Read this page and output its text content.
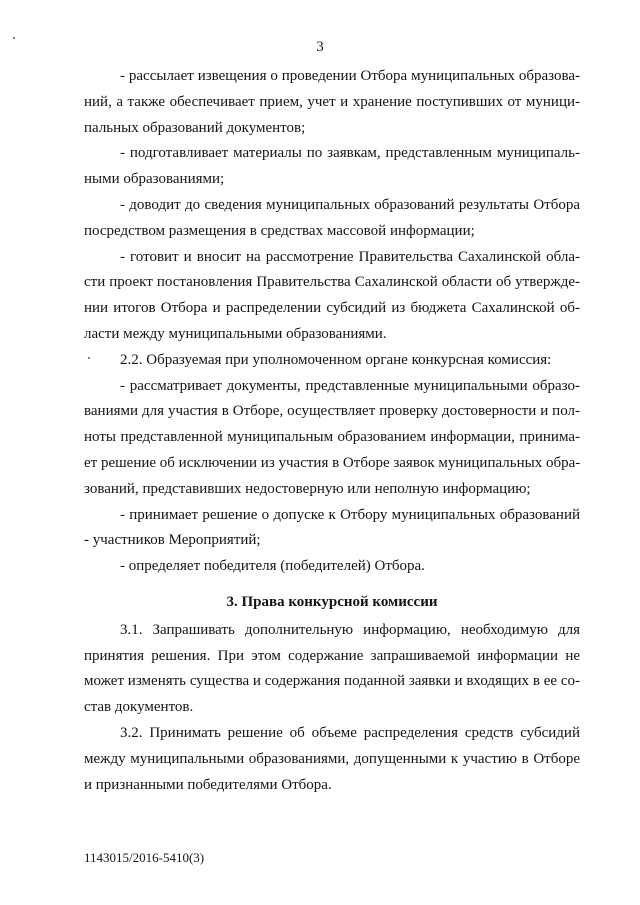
3
- рассылает извещения о проведении Отбора муниципальных образова-
ний, а также обеспечивает прием, учет и хранение поступивших от муници-
пальных образований документов;
- подготавливает материалы по заявкам, представленным муниципаль-
ными образованиями;
- доводит до сведения муниципальных образований результаты Отбора
посредством размещения в средствах массовой информации;
- готовит и вносит на рассмотрение Правительства Сахалинской обла-
сти проект постановления Правительства Сахалинской области об утвержде-
нии итогов Отбора и распределении субсидий из бюджета Сахалинской об-
ласти между муниципальными образованиями.
2.2. Образуемая при уполномоченном органе конкурсная комиссия:
- рассматривает документы, представленные муниципальными образо-
ваниями для участия в Отборе, осуществляет проверку достоверности и пол-
ноты представленной муниципальным образованием информации, принима-
ет решение об исключении из участия в Отборе заявок муниципальных обра-
зований, представивших недостоверную или неполную информацию;
- принимает решение о допуске к Отбору муниципальных образований
- участников Мероприятий;
- определяет победителя (победителей) Отбора.
3. Права конкурсной комиссии
3.1. Запрашивать дополнительную информацию, необходимую для
принятия решения. При этом содержание запрашиваемой информации не
может изменять существа и содержания поданной заявки и входящих в ее со-
став документов.
3.2. Принимать решение об объеме распределения средств субсидий
между муниципальными образованиями, допущенными к участию в Отборе
и признанными победителями Отбора.
1143015/2016-5410(3)
